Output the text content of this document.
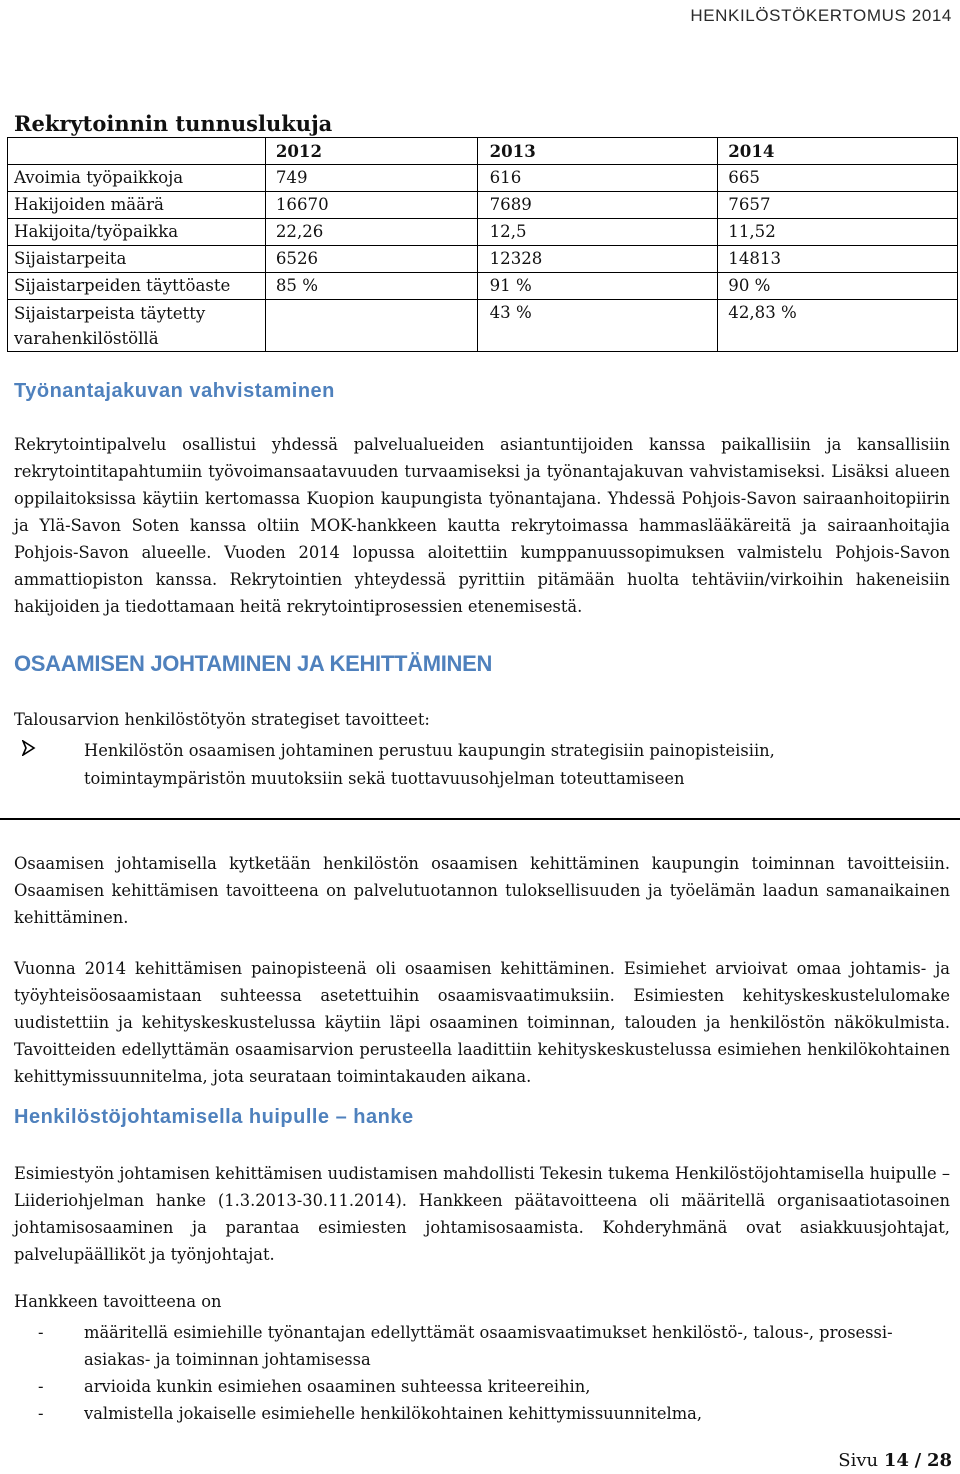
HENKILÖSTÖKERTOMUS 2014
Rekrytoinnin tunnuslukuja
	2012	2013	2014
Avoimia työpaikkoja	749	616	665
Hakijoiden määrä	16670	7689	7657
Hakijoita/työpaikka	22,26	12,5	11,52
Sijaistarpeita	6526	12328	14813
Sijaistarpeiden täyttöaste	85 %	91 %	90 %
Sijaistarpeista täytetty varahenkilöstöllä		43 %	42,83 %
Työnantajakuvan vahvistaminen

Rekrytointipalvelu osallistui yhdessä palvelualueiden asiantuntijoiden kanssa paikallisiin ja kansallisiin rekrytointitapahtumiin työvoimansaatavuuden turvaamiseksi ja työnantajakuvan vahvistamiseksi. Lisäksi alueen oppilaitoksissa käytiin kertomassa Kuopion kaupungista työnantajana. Yhdessä Pohjois-Savon sairaanhoitopiirin ja Ylä-Savon Soten kanssa oltiin MOK-hankkeen kautta rekrytoimassa hammaslääkäreitä ja sairaanhoitajia Pohjois-Savon alueelle. Vuoden 2014 lopussa aloitettiin kumppanuussopimuksen valmistelu Pohjois-Savon ammattiopiston kanssa. Rekrytointien yhteydessä pyrittiin pitämään huolta tehtäviin/virkoihin hakeneisiin hakijoiden ja tiedottamaan heitä rekrytointiprosessien etenemisestä.

OSAAMISEN JOHTAMINEN JA KEHITTÄMINEN

Talousarvion henkilöstötyön strategiset tavoitteet:

Henkilöstön osaamisen johtaminen perustuu kaupungin strategisiin painopisteisiin, toimintaympäristön muutoksiin sekä tuottavuusohjelman toteuttamiseen

Osaamisen johtamisella kytketään henkilöstön osaamisen kehittäminen kaupungin toiminnan tavoitteisiin. Osaamisen kehittämisen tavoitteena on palvelutuotannon tuloksellisuuden ja työelämän laadun samanaikainen kehittäminen.

Vuonna 2014 kehittämisen painopisteenä oli osaamisen kehittäminen. Esimiehet arvioivat omaa johtamis- ja työyhteisöosaamistaan suhteessa asetettuihin osaamisvaatimuksiin. Esimiesten kehityskeskustelulomake uudistettiin ja kehityskeskustelussa käytiin läpi osaaminen toiminnan, talouden ja henkilöstön näkökulmista. Tavoitteiden edellyttämän osaamisarvion perusteella laadittiin kehityskeskustelussa esimiehen henkilökohtainen kehittymissuunnitelma, jota seurataan toimintakauden aikana.

Henkilöstöjohtamisella huipulle – hanke

Esimiestyön johtamisen kehittämisen uudistamisen mahdollisti Tekesin tukema Henkilöstöjohtamisella huipulle –Liideriohjelman hanke (1.3.2013-30.11.2014). Hankkeen päätavoitteena oli määritellä organisaatiotasoinen johtamisosaaminen ja parantaa esimiesten johtamisosaamista. Kohderyhmänä ovat asiakkuusjohtajat, palvelupäälliköt ja työnjohtajat.

Hankkeen tavoitteena on

-	määritellä esimiehille työnantajan edellyttämät osaamisvaatimukset henkilöstö-, talous-, prosessi-asiakas- ja toiminnan johtamisessa
-	arvioida kunkin esimiehen osaaminen suhteessa kriteereihin,
-	valmistella jokaiselle esimiehelle henkilökohtainen kehittymissuunnitelma,
Sivu 14 / 28
